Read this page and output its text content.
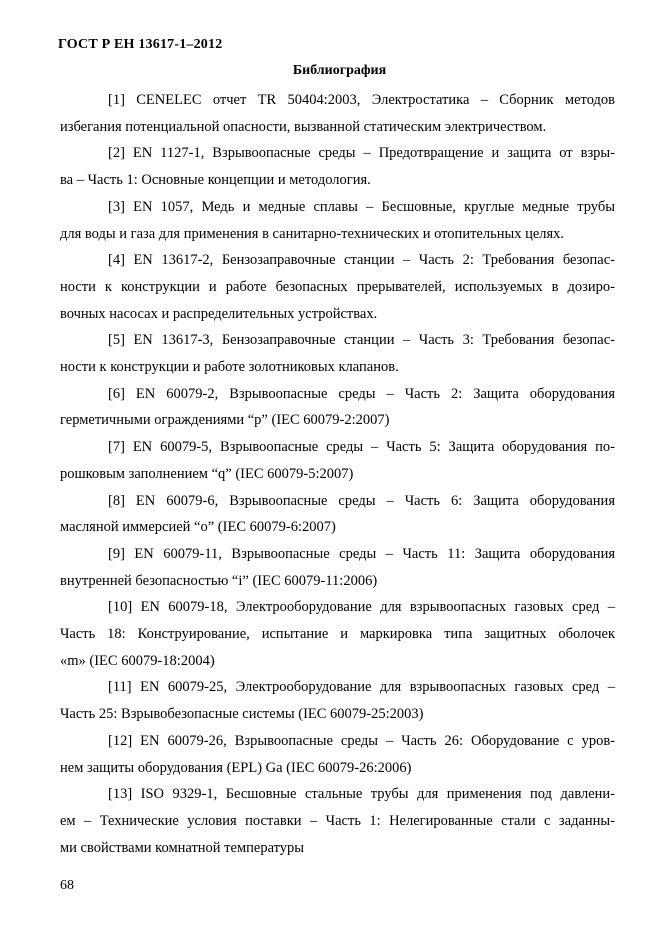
ГОСТ Р ЕН 13617-1–2012
Библиография
[1] CENELEC отчет TR 50404:2003, Электростатика – Сборник методов
избегания потенциальной опасности, вызванной статическим электричеством.
[2] EN 1127-1, Взрывоопасные среды – Предотвращение и защита от взры-
ва – Часть 1: Основные концепции и методология.
[3] EN 1057, Медь и медные сплавы – Бесшовные, круглые медные трубы
для воды и газа для применения в санитарно-технических и отопительных целях.
[4] EN 13617-2, Бензозаправочные станции – Часть 2: Требования безопас-
ности к конструкции и работе безопасных прерывателей, используемых в дозиро-
вочных насосах и распределительных устройствах.
[5] EN 13617-3, Бензозаправочные станции – Часть 3: Требования безопас-
ности к конструкции и работе золотниковых клапанов.
[6] EN 60079-2, Взрывоопасные среды – Часть 2: Защита оборудования
герметичными ограждениями “р” (IEC 60079-2:2007)
[7] EN 60079-5, Взрывоопасные среды – Часть 5: Защита оборудования по-
рошковым заполнением “q” (IEC 60079-5:2007)
[8] EN 60079-6, Взрывоопасные среды – Часть 6: Защита оборудования
масляной иммерсией “o” (IEC 60079-6:2007)
[9] EN 60079-11, Взрывоопасные среды – Часть 11: Защита оборудования
внутренней безопасностью “i” (IEC 60079-11:2006)
[10] EN 60079-18, Электрооборудование для взрывоопасных газовых сред –
Часть 18: Конструирование, испытание и маркировка типа защитных оболочек
«m» (IEC 60079-18:2004)
[11] EN 60079-25, Электрооборудование для взрывоопасных газовых сред –
Часть 25: Взрывобезопасные системы (IEC 60079-25:2003)
[12] EN 60079-26, Взрывоопасные среды – Часть 26: Оборудование с уров-
нем защиты оборудования (EPL) Ga (IEC 60079-26:2006)
[13] ISO 9329-1, Бесшовные стальные трубы для применения под давлени-
ем – Технические условия поставки – Часть 1: Нелегированные стали с заданны-
ми свойствами комнатной температуры
68
